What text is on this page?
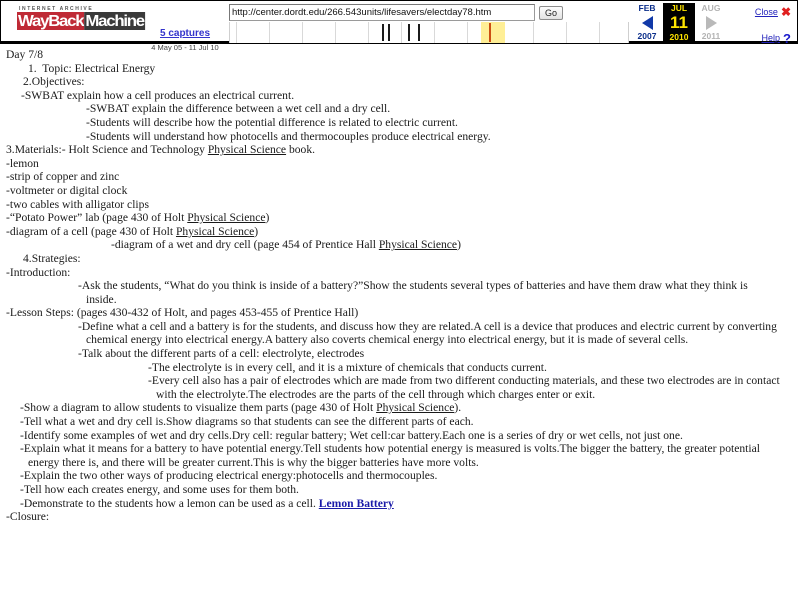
INTERNET ARCHIVE
WayBack Machine
5 captures
4 May 05 - 11 Jul 10
http://center.dordt.edu/266.543units/lifesavers/electday78.htm
Go	FEB
2007
JUL
11
2010
AUG
2011
Close ✖
Help ?
Day 7/8
1.  Topic: Electrical Energy
2.Objectives:
-SWBAT explain how a cell produces an electrical current.
-SWBAT explain the difference between a wet cell and a dry cell.
-Students will describe how the potential difference is related to electric current.
-Students will understand how photocells and thermocouples produce electrical energy.
3.Materials:- Holt Science and Technology Physical Science book.
-lemon
-strip of copper and zinc
-voltmeter or digital clock
-two cables with alligator clips
-“Potato Power” lab (page 430 of Holt Physical Science)
-diagram of a cell (page 430 of Holt Physical Science)
-diagram of a wet and dry cell (page 454 of Prentice Hall Physical Science)
4.Strategies:
-Introduction:
-Ask the students, “What do you think is inside of a battery?”Show the students several types of batteries and have them draw what they think is inside.
-Lesson Steps: (pages 430-432 of Holt, and pages 453-455 of Prentice Hall)
-Define what a cell and a battery is for the students, and discuss how they are related.A cell is a device that produces and electric current by converting chemical energy into electrical energy.A battery also coverts chemical energy into electrical energy, but it is made of several cells.
-Talk about the different parts of a cell: electrolyte, electrodes
-The electrolyte is in every cell, and it is a mixture of chemicals that conducts current.
-Every cell also has a pair of electrodes which are made from two different conducting materials, and these two electrodes are in contact with the electrolyte.The electrodes are the parts of the cell through which charges enter or exit.
-Show a diagram to allow students to visualize them parts (page 430 of Holt Physical Science).
-Tell what a wet and dry cell is.Show diagrams so that students can see the different parts of each.
-Identify some examples of wet and dry cells.Dry cell: regular battery; Wet cell:car battery.Each one is a series of dry or wet cells, not just one.
-Explain what it means for a battery to have potential energy.Tell students how potential energy is measured is volts.The bigger the battery, the greater potential energy there is, and there will be greater current.This is why the bigger batteries have more volts.
-Explain the two other ways of producing electrical energy:photocells and thermocouples.
-Tell how each creates energy, and some uses for them both.
-Demonstrate to the students how a lemon can be used as a cell. Lemon Battery
-Closure:
